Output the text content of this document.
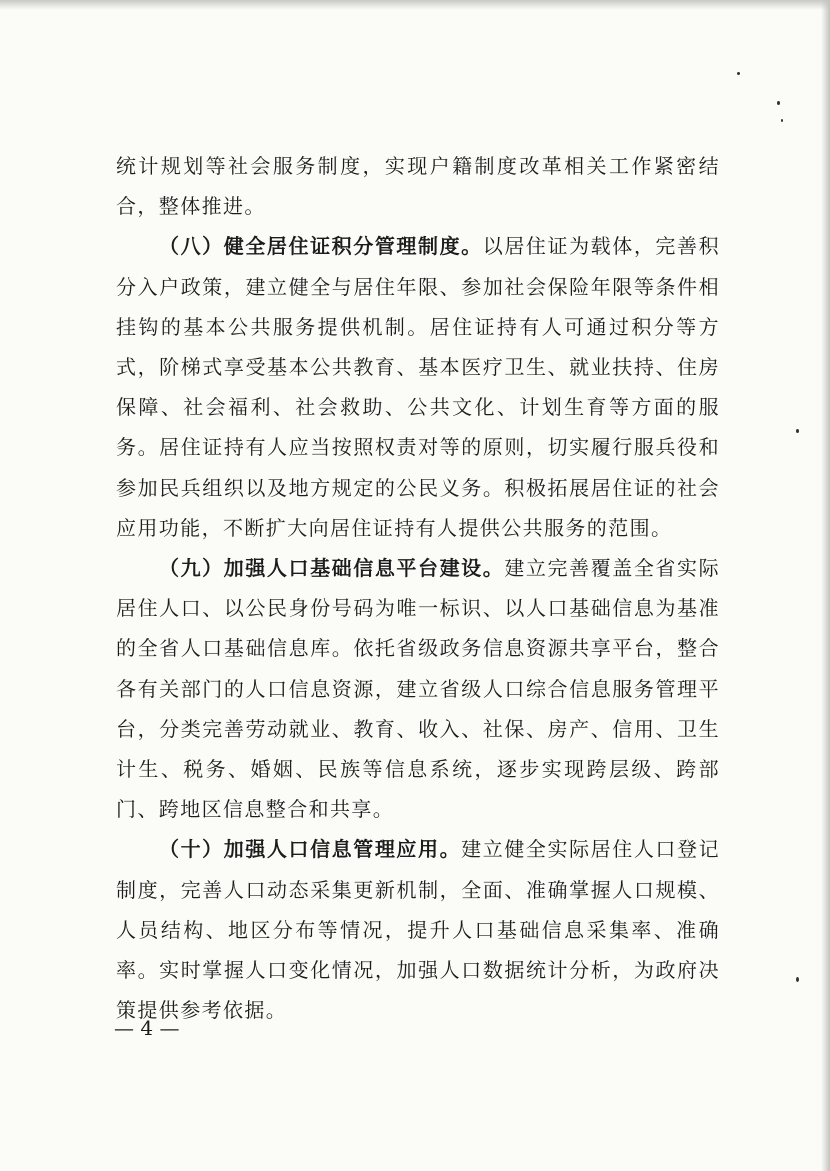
统计规划等社会服务制度，实现户籍制度改革相关工作紧密结合，整体推进。

（八）健全居住证积分管理制度。以居住证为载体，完善积分入户政策，建立健全与居住年限、参加社会保险年限等条件相挂钩的基本公共服务提供机制。居住证持有人可通过积分等方式，阶梯式享受基本公共教育、基本医疗卫生、就业扶持、住房保障、社会福利、社会救助、公共文化、计划生育等方面的服务。居住证持有人应当按照权责对等的原则，切实履行服兵役和参加民兵组织以及地方规定的公民义务。积极拓展居住证的社会应用功能，不断扩大向居住证持有人提供公共服务的范围。

（九）加强人口基础信息平台建设。建立完善覆盖全省实际居住人口、以公民身份号码为唯一标识、以人口基础信息为基准的全省人口基础信息库。依托省级政务信息资源共享平台，整合各有关部门的人口信息资源，建立省级人口综合信息服务管理平台，分类完善劳动就业、教育、收入、社保、房产、信用、卫生计生、税务、婚姻、民族等信息系统，逐步实现跨层级、跨部门、跨地区信息整合和共享。

（十）加强人口信息管理应用。建立健全实际居住人口登记制度，完善人口动态采集更新机制，全面、准确掌握人口规模、人员结构、地区分布等情况，提升人口基础信息采集率、准确率。实时掌握人口变化情况，加强人口数据统计分析，为政府决策提供参考依据。

— 4 —
